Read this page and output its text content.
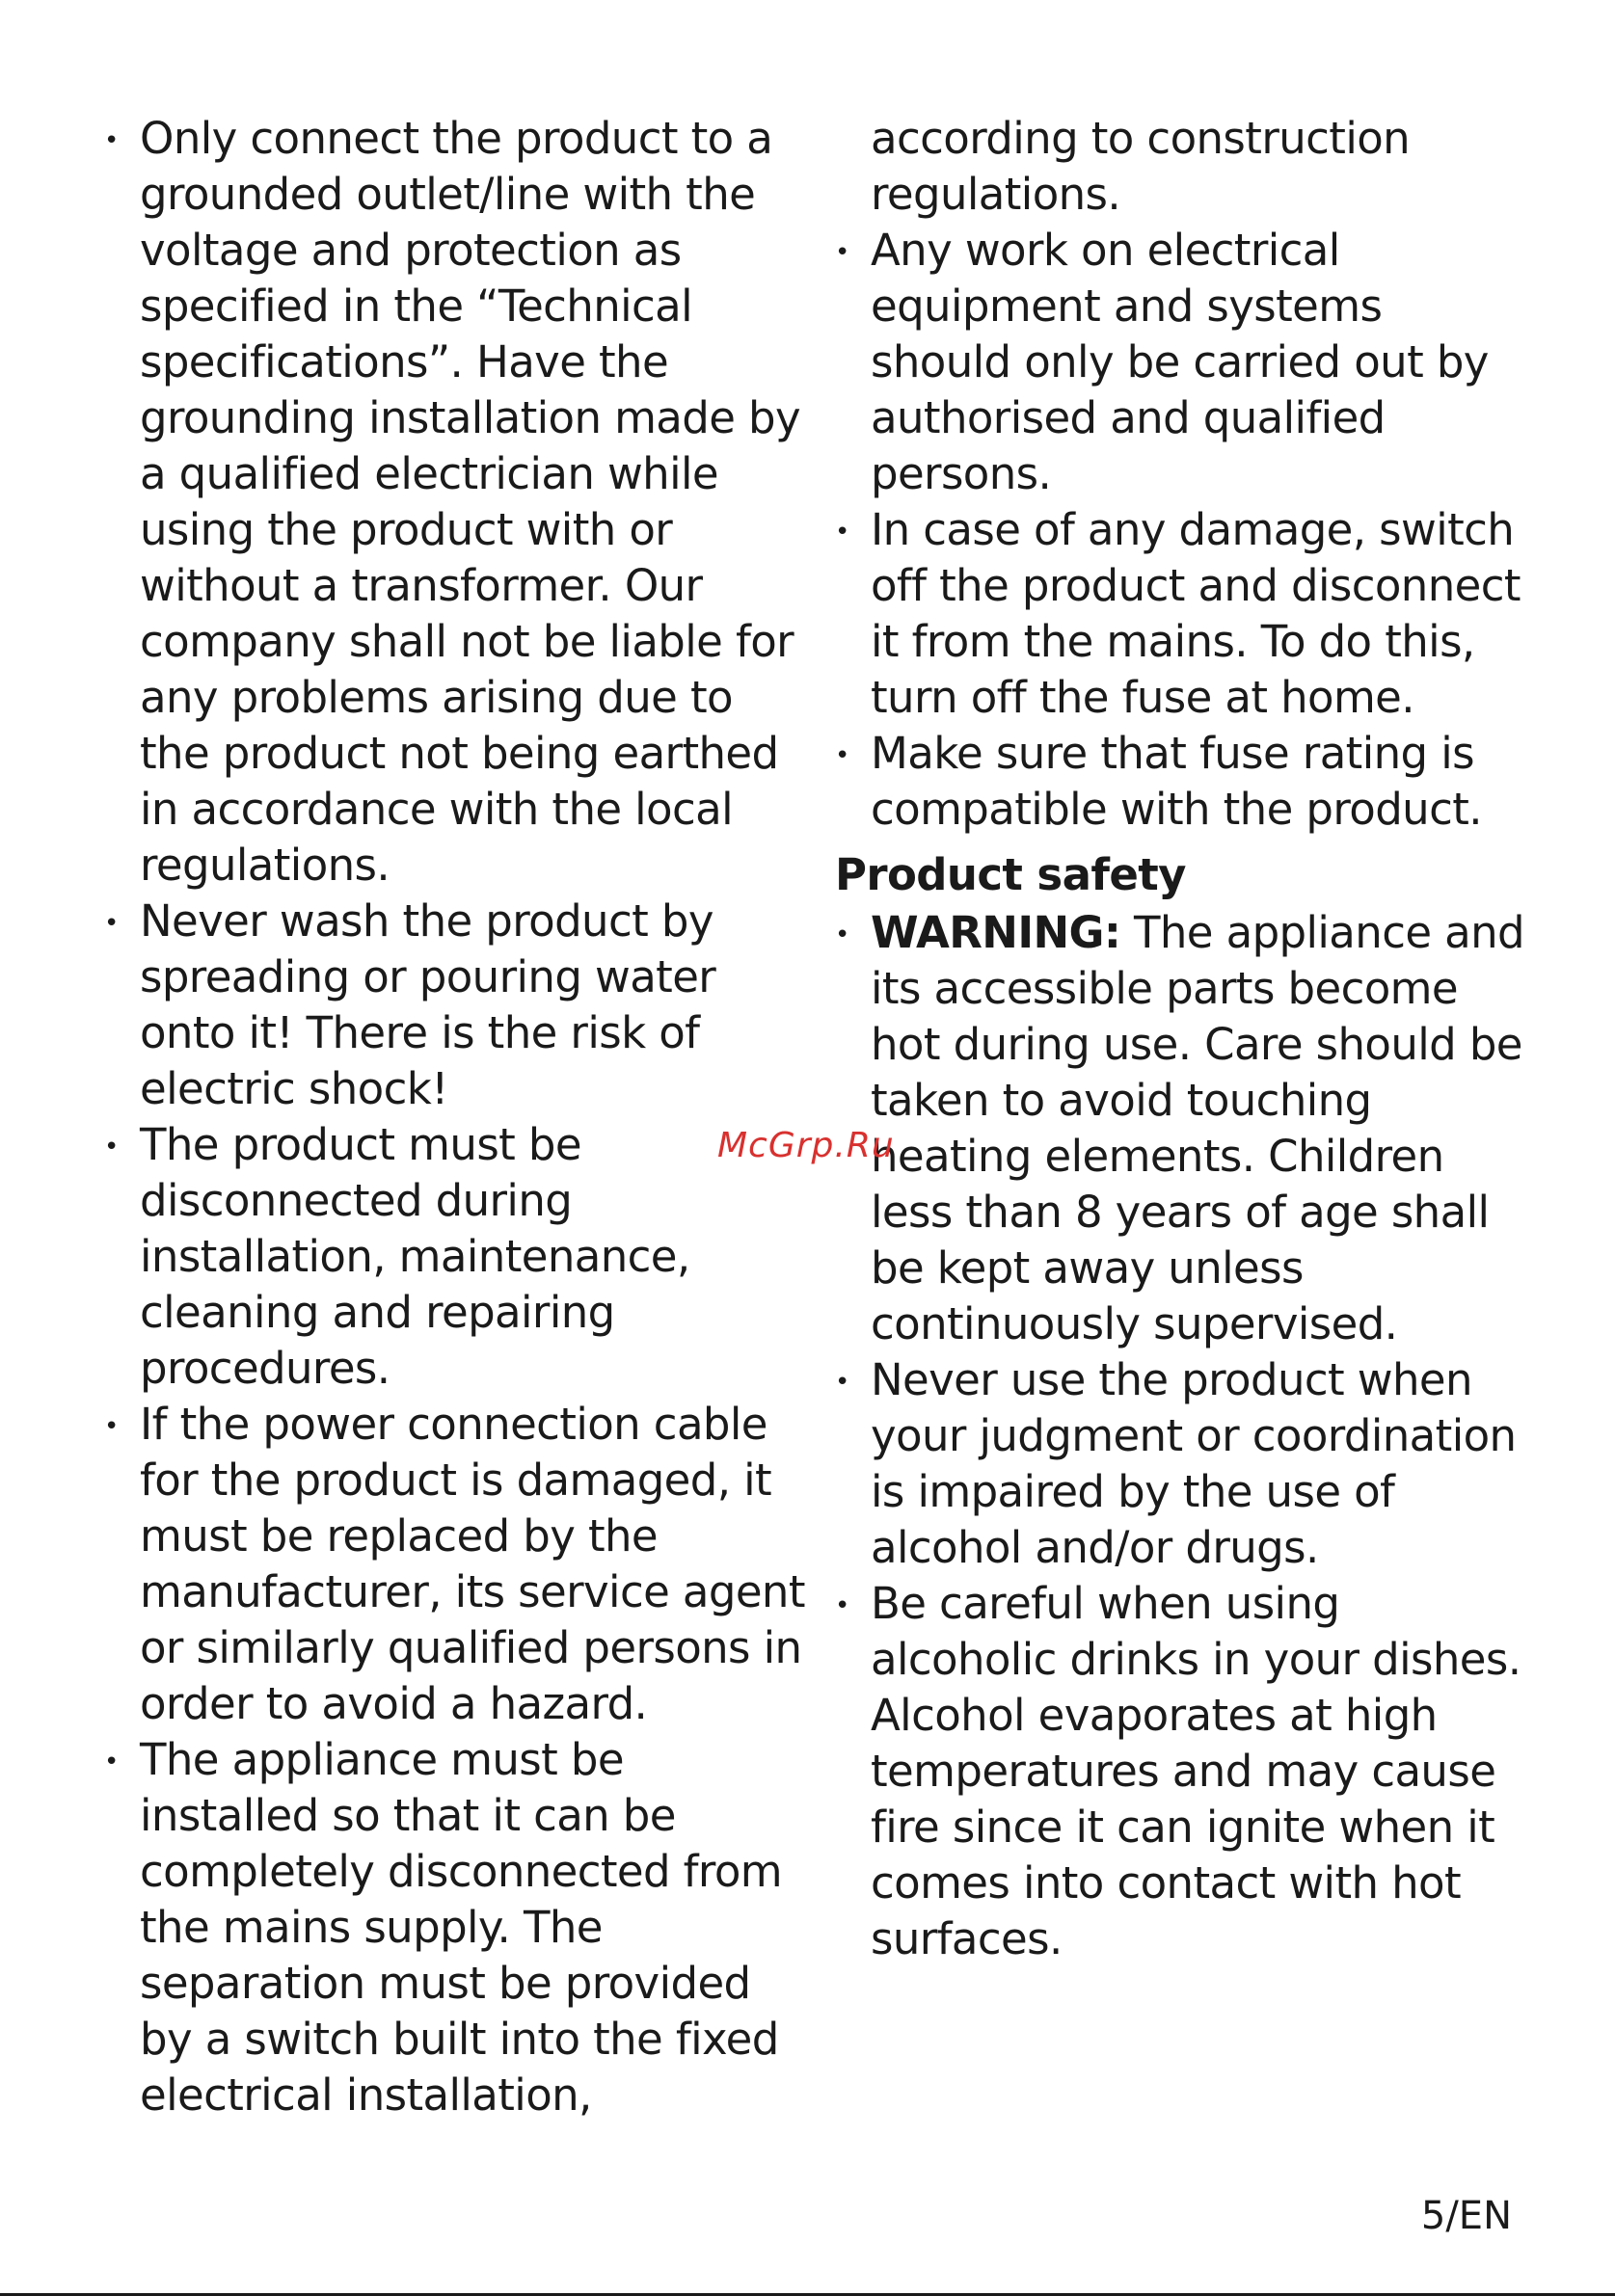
• Only connect the product to a grounded outlet/line with the voltage and protection as specified in the “Technical specifications”. Have the grounding installation made by a qualified electrician while using the product with or without a transformer. Our company shall not be liable for any problems arising due to the product not being earthed in accordance with the local regulations.
• Never wash the product by spreading or pouring water onto it! There is the risk of electric shock!
• The product must be disconnected during installation, maintenance, cleaning and repairing procedures.
• If the power connection cable for the product is damaged, it must be replaced by the manufacturer, its service agent or similarly qualified persons in order to avoid a hazard.
• The appliance must be installed so that it can be completely disconnected from the mains supply. The separation must be provided by a switch built into the fixed electrical installation,
according to construction regulations.
• Any work on electrical equipment and systems should only be carried out by authorised and qualified persons.
• In case of any damage, switch off the product and disconnect it from the mains. To do this, turn off the fuse at home.
• Make sure that fuse rating is compatible with the product.
Product safety
• WARNING: The appliance and its accessible parts become hot during use. Care should be taken to avoid touching heating elements. Children less than 8 years of age shall be kept away unless continuously supervised.
• Never use the product when your judgment or coordination is impaired by the use of alcohol and/or drugs.
• Be careful when using alcoholic drinks in your dishes. Alcohol evaporates at high temperatures and may cause fire since it can ignite when it comes into contact with hot surfaces.
McGrp.Ru
5/EN
